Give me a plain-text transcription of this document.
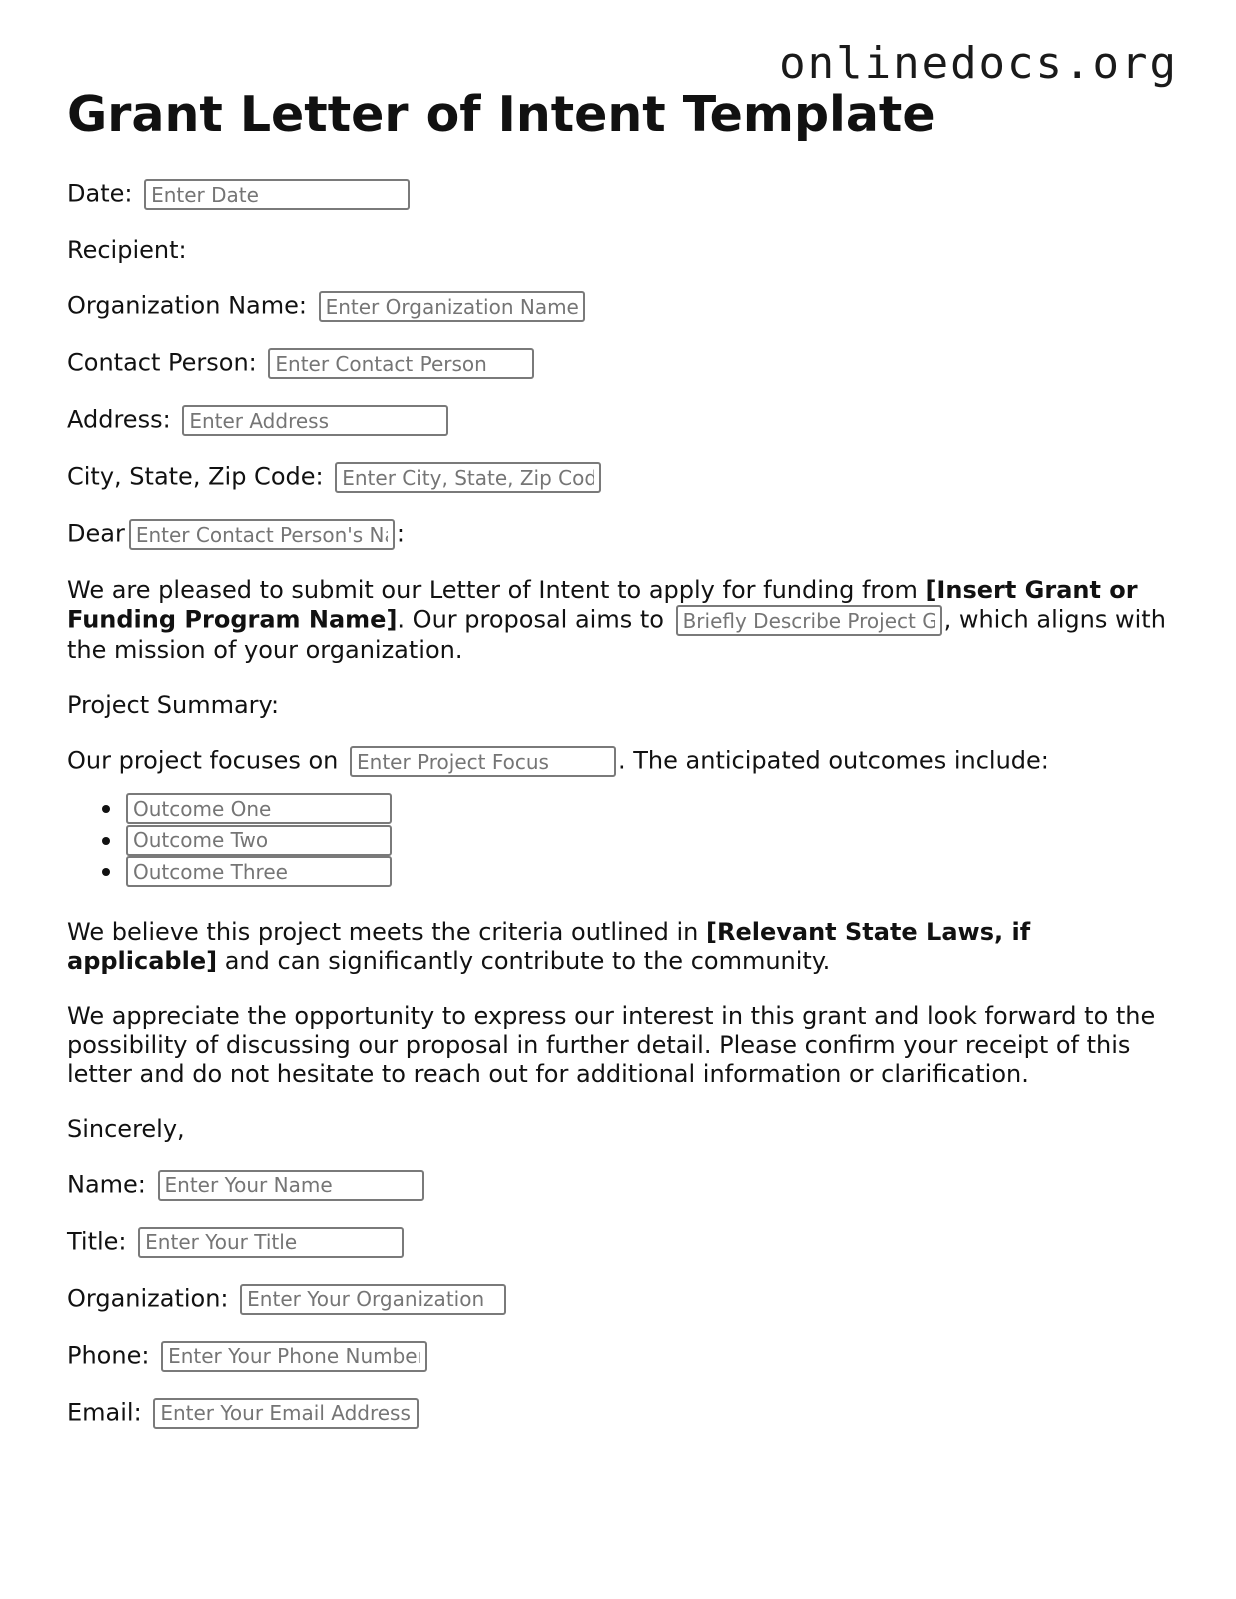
onlinedocs.org
Grant Letter of Intent Template

Date: Enter Date

Recipient:

Organization Name: Enter Organization Name

Contact Person: Enter Contact Person

Address: Enter Address

City, State, Zip Code: Enter City, State, Zip Code

DearEnter Contact Person's Name	:

We are pleased to submit our Letter of Intent to apply for funding from [Insert Grant or Funding Program Name]. Our proposal aims to Briefly Describe Project Goal	, which aligns with the mission of your organization.

Project Summary:

Our project focuses on Enter Project Focus	. The anticipated outcomes include:

Outcome One
Outcome Two
Outcome Three

We believe this project meets the criteria outlined in [Relevant State Laws, if applicable] and can significantly contribute to the community.

We appreciate the opportunity to express our interest in this grant and look forward to the possibility of discussing our proposal in further detail. Please confirm your receipt of this letter and do not hesitate to reach out for additional information or clarification.

Sincerely,

Name: Enter Your Name

Title: Enter Your Title

Organization: Enter Your Organization

Phone: Enter Your Phone Number

Email: Enter Your Email Address
